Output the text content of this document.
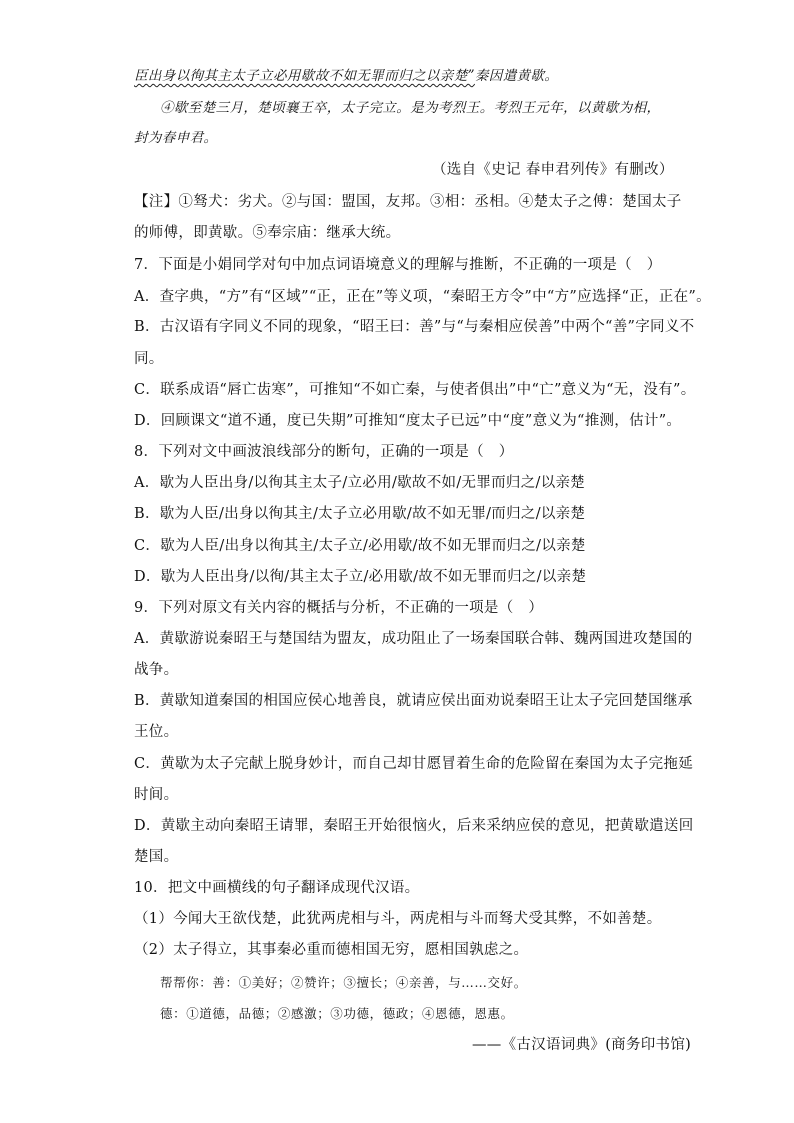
臣出身以徇其主太子立必用歇故不如无罪而归之以亲楚”秦因遣黄歇。
④歇至楚三月，楚顷襄王卒，太子完立。是为考烈王。考烈王元年，以黄歇为相，
封为春申君。
（选自《史记 春申君列传》有删改）
【注】①驽犬：劣犬。②与国：盟国，友邦。③相：丞相。④楚太子之傅：楚国太子
的师傅，即黄歇。⑤奉宗庙：继承大统。
7．下面是小娟同学对句中加点词语境意义的理解与推断，不正确的一项是（　）
A．查字典，“方”有“区域”“正，正在”等义项，“秦昭王方令”中“方”应选择“正，正在”。
B．古汉语有字同义不同的现象，“昭王曰：善”与“与秦相应侯善”中两个“善”字同义不
同。
C．联系成语“唇亡齿寒”，可推知“不如亡秦，与使者俱出”中“亡”意义为“无，没有”。
D．回顾课文“道不通，度已失期”可推知“度太子已远”中“度”意义为“推测，估计”。
8．下列对文中画波浪线部分的断句，正确的一项是（　）
A．歇为人臣出身/以徇其主太子/立必用/歇故不如/无罪而归之/以亲楚
B．歇为人臣/出身以徇其主/太子立必用歇/故不如无罪/而归之/以亲楚
C．歇为人臣/出身以徇其主/太子立/必用歇/故不如无罪而归之/以亲楚
D．歇为人臣出身/以徇/其主太子立/必用歇/故不如无罪而归之/以亲楚
9．下列对原文有关内容的概括与分析，不正确的一项是（　）
A．黄歇游说秦昭王与楚国结为盟友，成功阻止了一场秦国联合韩、魏两国进攻楚国的
战争。
B．黄歇知道秦国的相国应侯心地善良，就请应侯出面劝说秦昭王让太子完回楚国继承
王位。
C．黄歇为太子完献上脱身妙计，而自己却甘愿冒着生命的危险留在秦国为太子完拖延
时间。
D．黄歇主动向秦昭王请罪，秦昭王开始很恼火，后来采纳应侯的意见，把黄歇遣送回
楚国。
10．把文中画横线的句子翻译成现代汉语。
（1）今闻大王欲伐楚，此犹两虎相与斗，两虎相与斗而驽犬受其弊，不如善楚。
（2）太子得立，其事秦必重而德相国无穷，愿相国孰虑之。
帮帮你：善：①美好；②赞许；③擅长；④亲善，与……交好。
德：①道德，品德；②感激；③功德，德政；④恩德，恩惠。
——《古汉语词典》(商务印书馆)
